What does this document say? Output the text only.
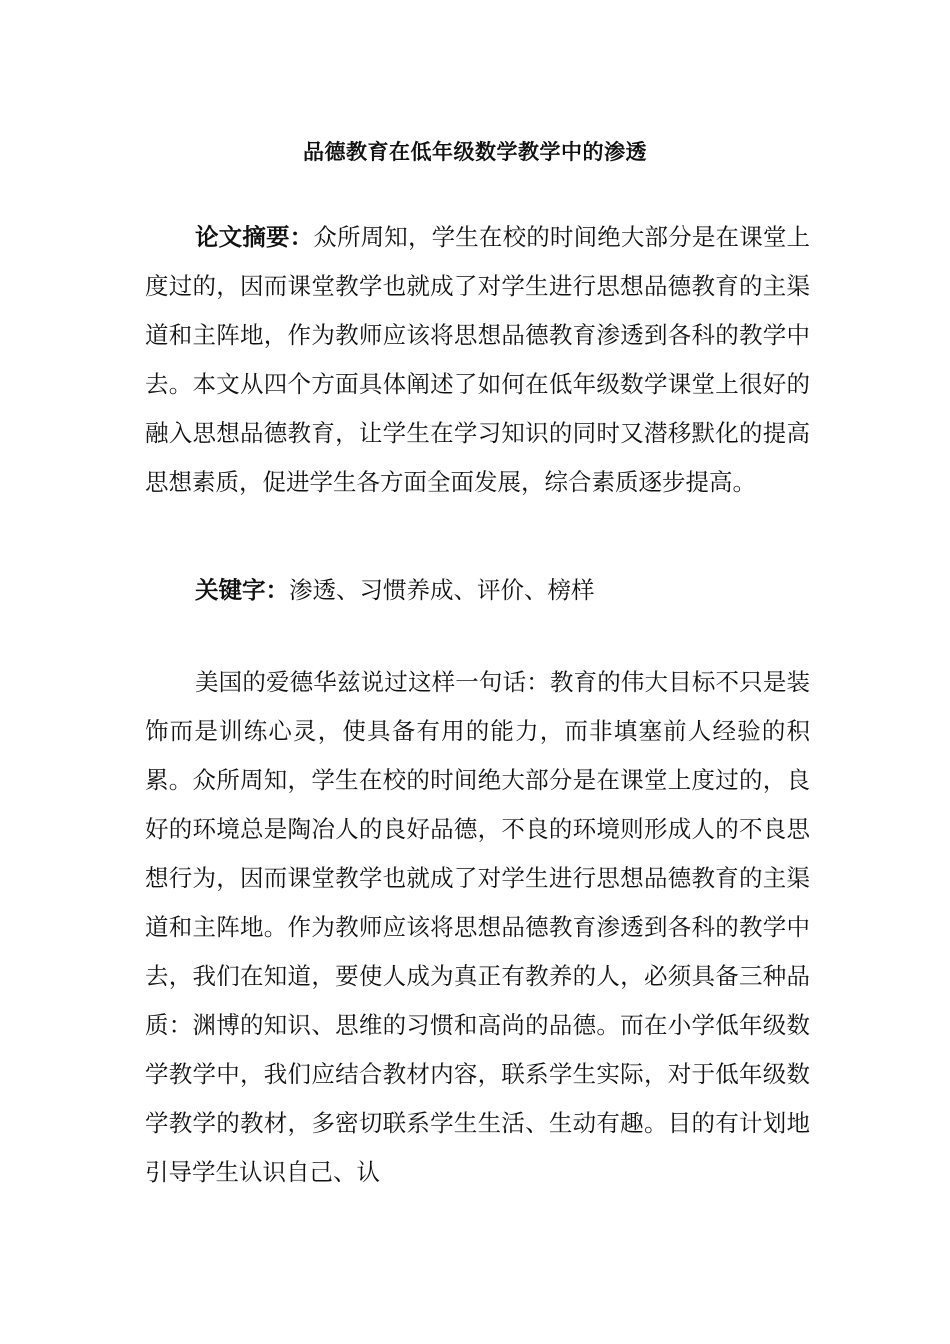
品德教育在低年级数学教学中的渗透

论文摘要：众所周知，学生在校的时间绝大部分是在课堂上度过的，因而课堂教学也就成了对学生进行思想品德教育的主渠道和主阵地，作为教师应该将思想品德教育渗透到各科的教学中去。本文从四个方面具体阐述了如何在低年级数学课堂上很好的融入思想品德教育，让学生在学习知识的同时又潜移默化的提高思想素质，促进学生各方面全面发展，综合素质逐步提高。

关键字：渗透、习惯养成、评价、榜样

美国的爱德华兹说过这样一句话：教育的伟大目标不只是装饰而是训练心灵，使具备有用的能力，而非填塞前人经验的积累。众所周知，学生在校的时间绝大部分是在课堂上度过的，良好的环境总是陶冶人的良好品德，不良的环境则形成人的不良思想行为，因而课堂教学也就成了对学生进行思想品德教育的主渠道和主阵地。作为教师应该将思想品德教育渗透到各科的教学中去，我们在知道，要使人成为真正有教养的人，必须具备三种品质：渊博的知识、思维的习惯和高尚的品德。而在小学低年级数学教学中，我们应结合教材内容，联系学生实际，对于低年级数学教学的教材，多密切联系学生生活、生动有趣。目的有计划地引导学生认识自己、认
